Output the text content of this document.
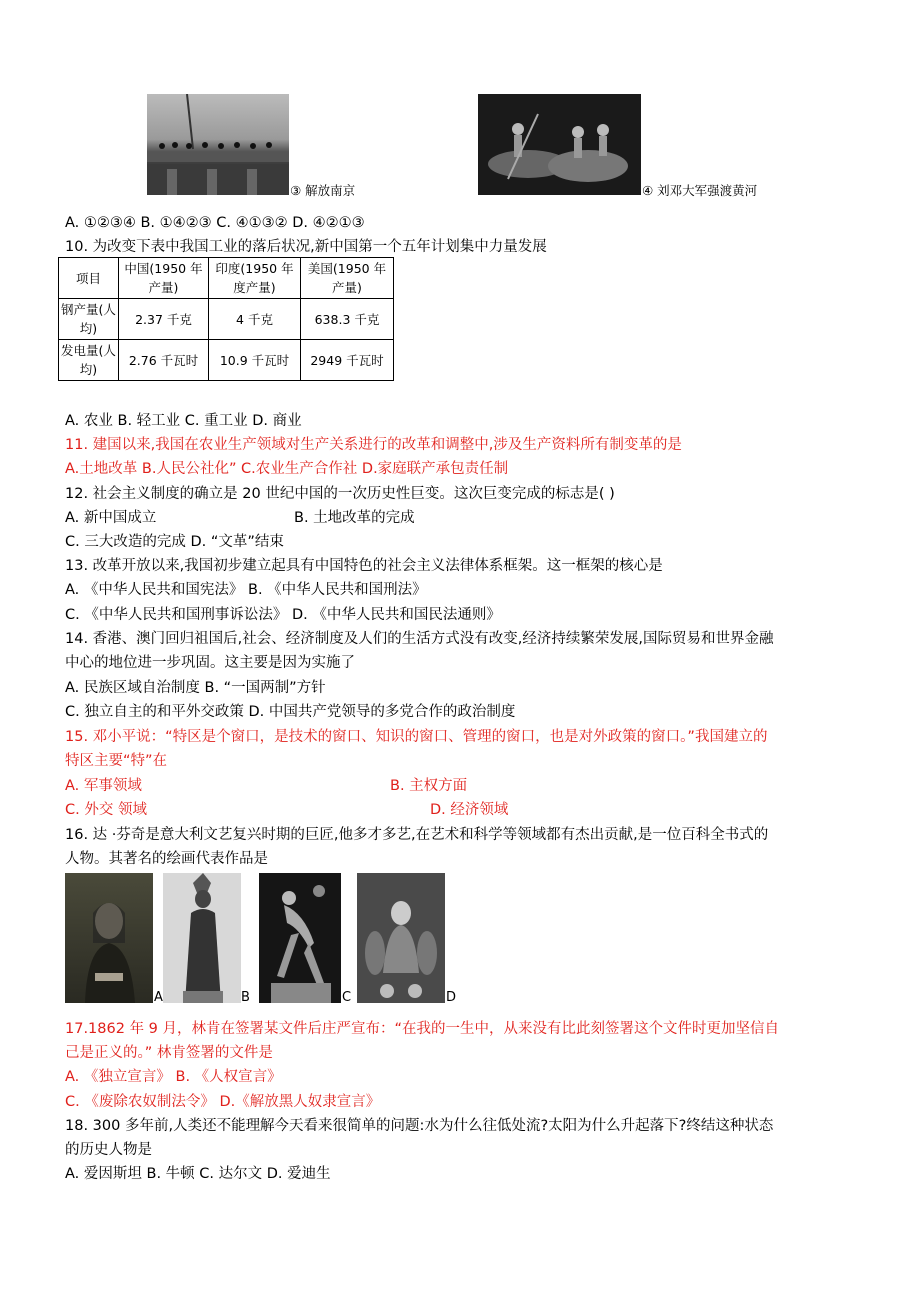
③ 解放南京	④ 刘邓大军强渡黄河
A. ①②③④ B. ①④②③ C. ④①③② D. ④②①③
10. 为改变下表中我国工业的落后状况,新中国第一个五年计划集中力量发展
项目	中国(1950 年产量)	印度(1950 年度产量)	美国(1950 年产量)
钢产量(人均)	2.37 千克	4 千克	638.3 千克
发电量(人均)	2.76 千瓦时	10.9 千瓦时	2949 千瓦时
A. 农业 B. 轻工业 C. 重工业 D. 商业
11. 建国以来,我国在农业生产领域对生产关系进行的改革和调整中,涉及生产资料所有制变革的是
A.土地改革 B.人民公社化” C.农业生产合作社 D.家庭联产承包责任制
12. 社会主义制度的确立是 20 世纪中国的一次历史性巨变。这次巨变完成的标志是( )
A. 新中国成立	B. 土地改革的完成
C. 三大改造的完成 D. “文革”结束
13. 改革开放以来,我国初步建立起具有中国特色的社会主义法律体系框架。这一框架的核心是
A. 《中华人民共和国宪法》 B. 《中华人民共和国刑法》
C. 《中华人民共和国刑事诉讼法》 D. 《中华人民共和国民法通则》
14. 香港、澳门回归祖国后,社会、经济制度及人们的生活方式没有改变,经济持续繁荣发展,国际贸易和世界金融
中心的地位进一步巩固。这主要是因为实施了
A. 民族区域自治制度 B. “一国两制”方针
C. 独立自主的和平外交政策 D. 中国共产党领导的多党合作的政治制度
15. 邓小平说：“特区是个窗口，是技术的窗口、知识的窗口、管理的窗口，也是对外政策的窗口。”我国建立的
特区主要“特”在
A. 军事领域	B. 主权方面
C. 外交 领域	D. 经济领域
16. 达 ·芬奇是意大利文艺复兴时期的巨匠,他多才多艺,在艺术和科学等领域都有杰出贡献,是一位百科全书式的
人物。其著名的绘画代表作品是
A	B	C	D
17.1862 年 9 月，林肯在签署某文件后庄严宣布：“在我的一生中，从来没有比此刻签署这个文件时更加坚信自
己是正义的。” 林肯签署的文件是
A. 《独立宣言》 B. 《人权宣言》
C. 《废除农奴制法令》 D.《解放黑人奴隶宣言》
18. 300 多年前,人类还不能理解今天看来很简单的问题:水为什么往低处流?太阳为什么升起落下?终结这种状态
的历史人物是
A. 爱因斯坦 B. 牛顿 C. 达尔文 D. 爱迪生
